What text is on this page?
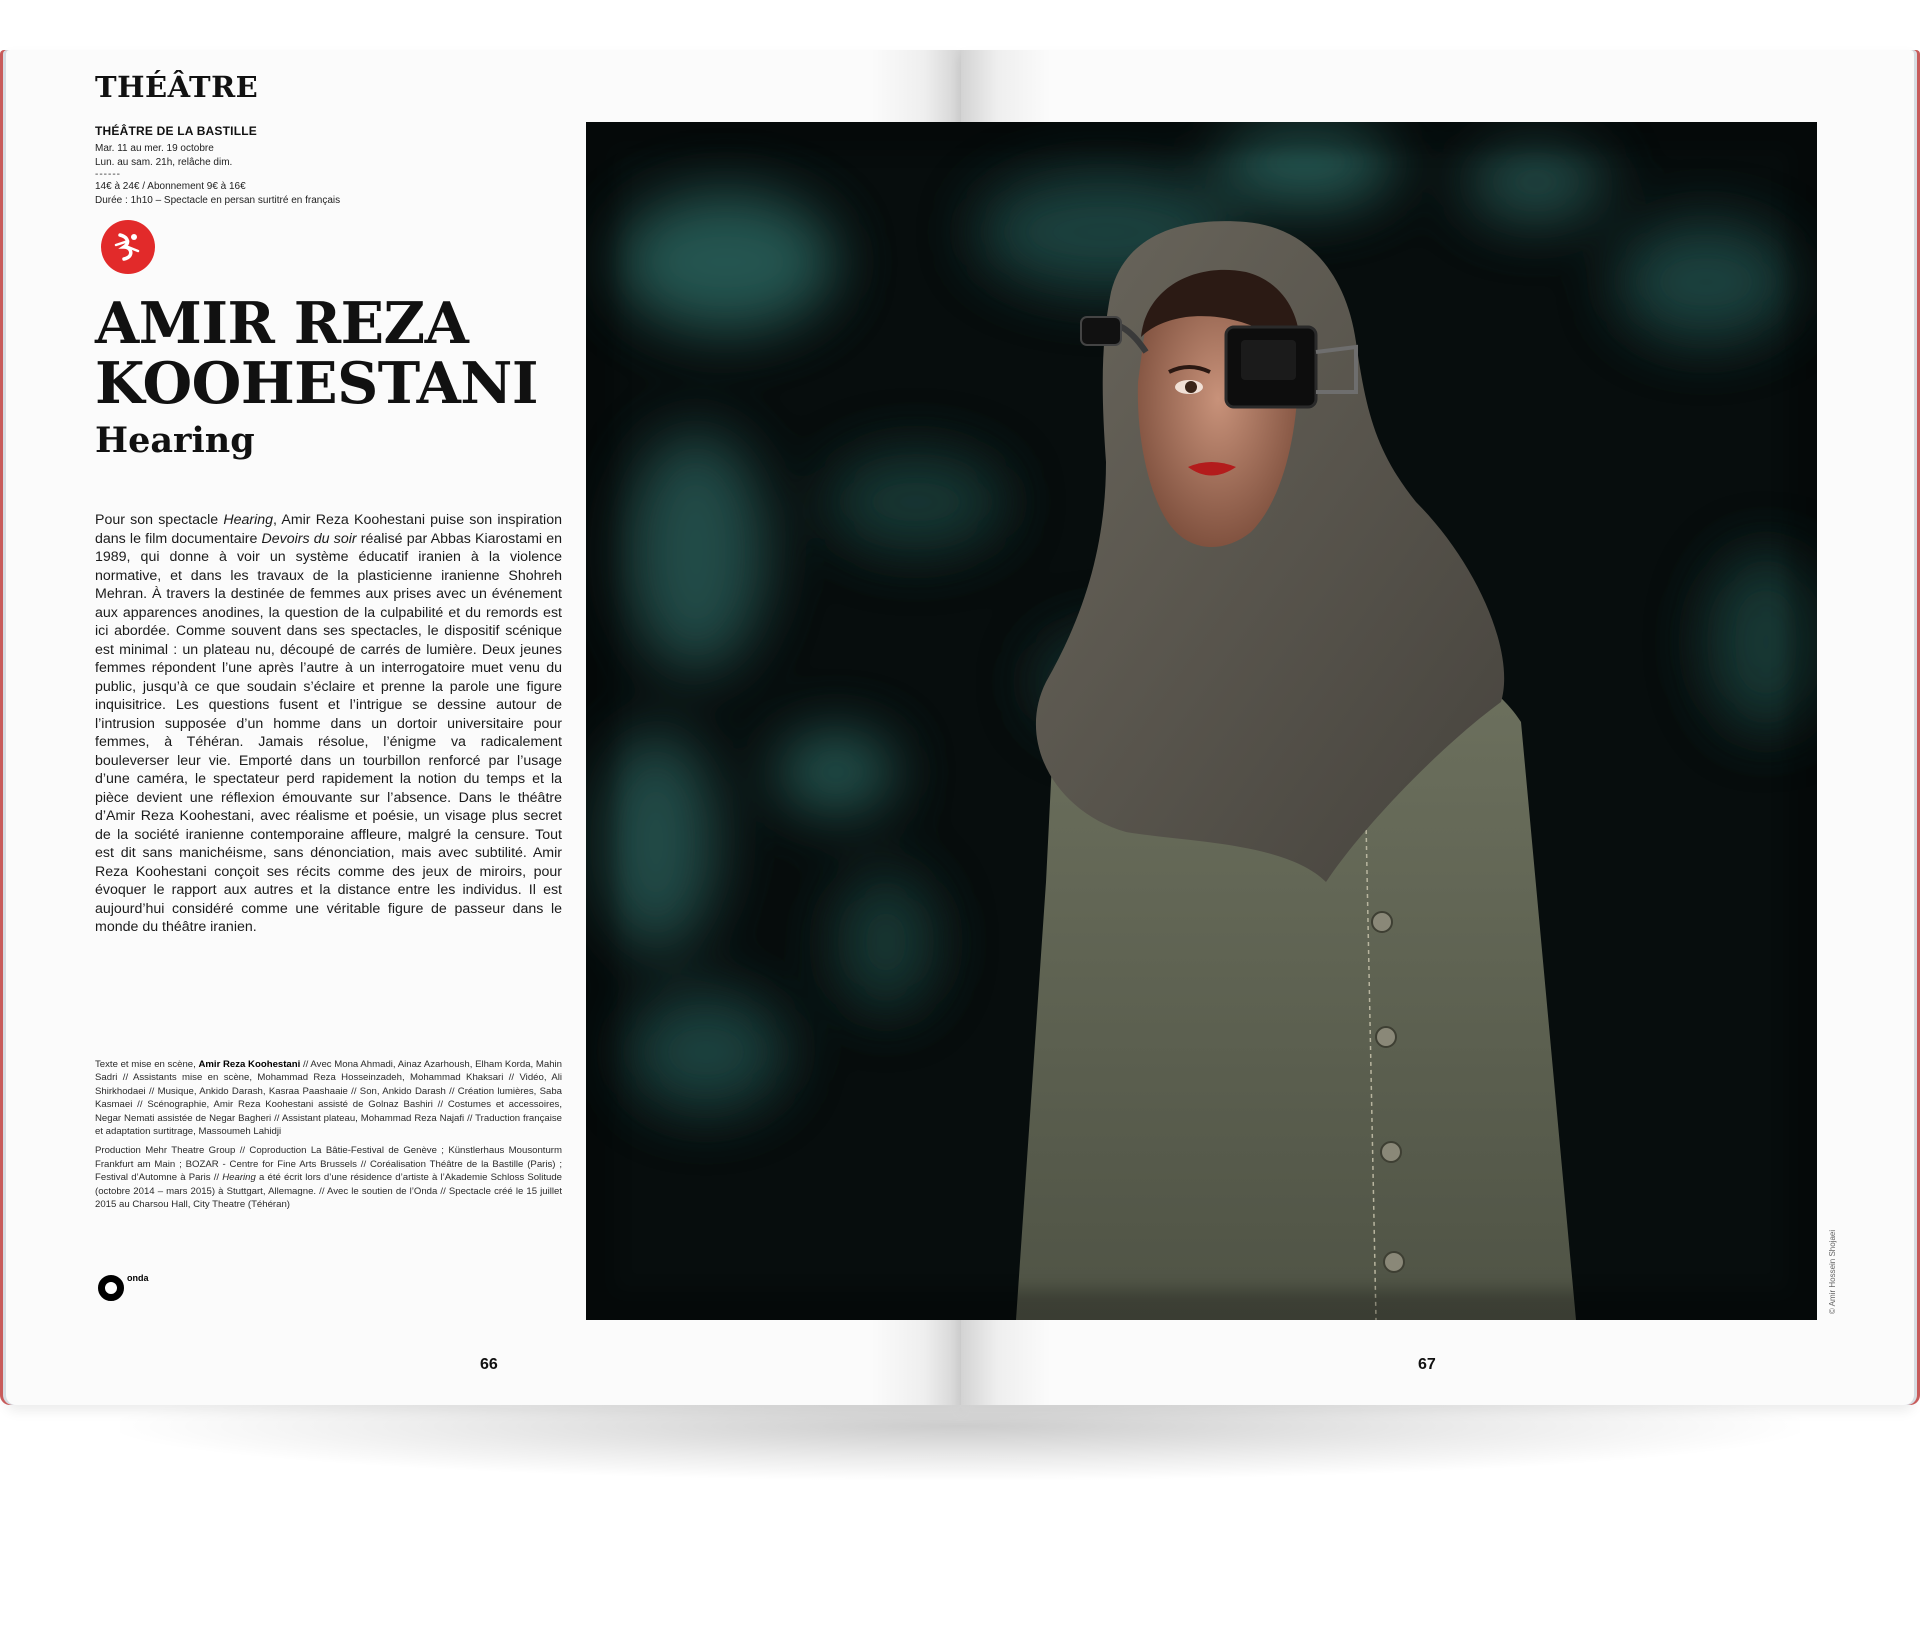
THÉÂTRE
THÉÂTRE DE LA BASTILLE
Mar. 11 au mer. 19 octobre
Lun. au sam. 21h, relâche dim.
------
14€ à 24€ / Abonnement 9€ à 16€
Durée : 1h10 – Spectacle en persan surtitré en français
AMIR REZA
KOOHESTANI
Hearing

Pour son spectacle Hearing, Amir Reza Koohestani puise son inspiration dans le film documentaire Devoirs du soir réalisé par Abbas Kiarostami en 1989, qui donne à voir un système éducatif iranien à la violence normative, et dans les travaux de la plasticienne iranienne Shohreh Mehran. À travers la destinée de femmes aux prises avec un événement aux apparences anodines, la question de la culpabilité et du remords est ici abordée. Comme souvent dans ses spectacles, le dispositif scénique est minimal : un plateau nu, découpé de carrés de lumière. Deux jeunes femmes répondent l’une après l’autre à un interrogatoire muet venu du public, jusqu’à ce que soudain s’éclaire et prenne la parole une figure inquisitrice. Les questions fusent et l’intrigue se dessine autour de l’intrusion supposée d’un homme dans un dortoir universitaire pour femmes, à Téhéran. Jamais résolue, l’énigme va radicalement bouleverser leur vie. Emporté dans un tourbillon renforcé par l’usage d’une caméra, le spectateur perd rapidement la notion du temps et la pièce devient une réflexion émouvante sur l’absence. Dans le théâtre d’Amir Reza Koohestani, avec réalisme et poésie, un visage plus secret de la société iranienne contemporaine affleure, malgré la censure. Tout est dit sans manichéisme, sans dénonciation, mais avec subtilité. Amir Reza Koohestani conçoit ses récits comme des jeux de miroirs, pour évoquer le rapport aux autres et la distance entre les individus. Il est aujourd’hui considéré comme une véritable figure de passeur dans le monde du théâtre iranien.

Texte et mise en scène, Amir Reza Koohestani // Avec Mona Ahmadi, Ainaz Azarhoush, Elham Korda, Mahin Sadri // Assistants mise en scène, Mohammad Reza Hosseinzadeh, Mohammad Khaksari // Vidéo, Ali Shirkhodaei // Musique, Ankido Darash, Kasraa Paashaaie // Son, Ankido Darash // Création lumières, Saba Kasmaei // Scénographie, Amir Reza Koohestani assisté de Golnaz Bashiri // Costumes et accessoires, Negar Nemati assistée de Negar Bagheri // Assistant plateau, Mohammad Reza Najafi // Traduction française et adaptation surtitrage, Massoumeh Lahidji

Production Mehr Theatre Group // Coproduction La Bâtie-Festival de Genève ; Künstlerhaus Mousonturm Frankfurt am Main ; BOZAR - Centre for Fine Arts Brussels // Coréalisation Théâtre de la Bastille (Paris) ; Festival d’Automne à Paris // Hearing a été écrit lors d’une résidence d’artiste à l’Akademie Schloss Solitude (octobre 2014 – mars 2015) à Stuttgart, Allemagne. // Avec le soutien de l’Onda // Spectacle créé le 15 juillet 2015 au Charsou Hall, City Theatre (Téhéran)

onda
66	67
© Amir Hossein Shojaei
